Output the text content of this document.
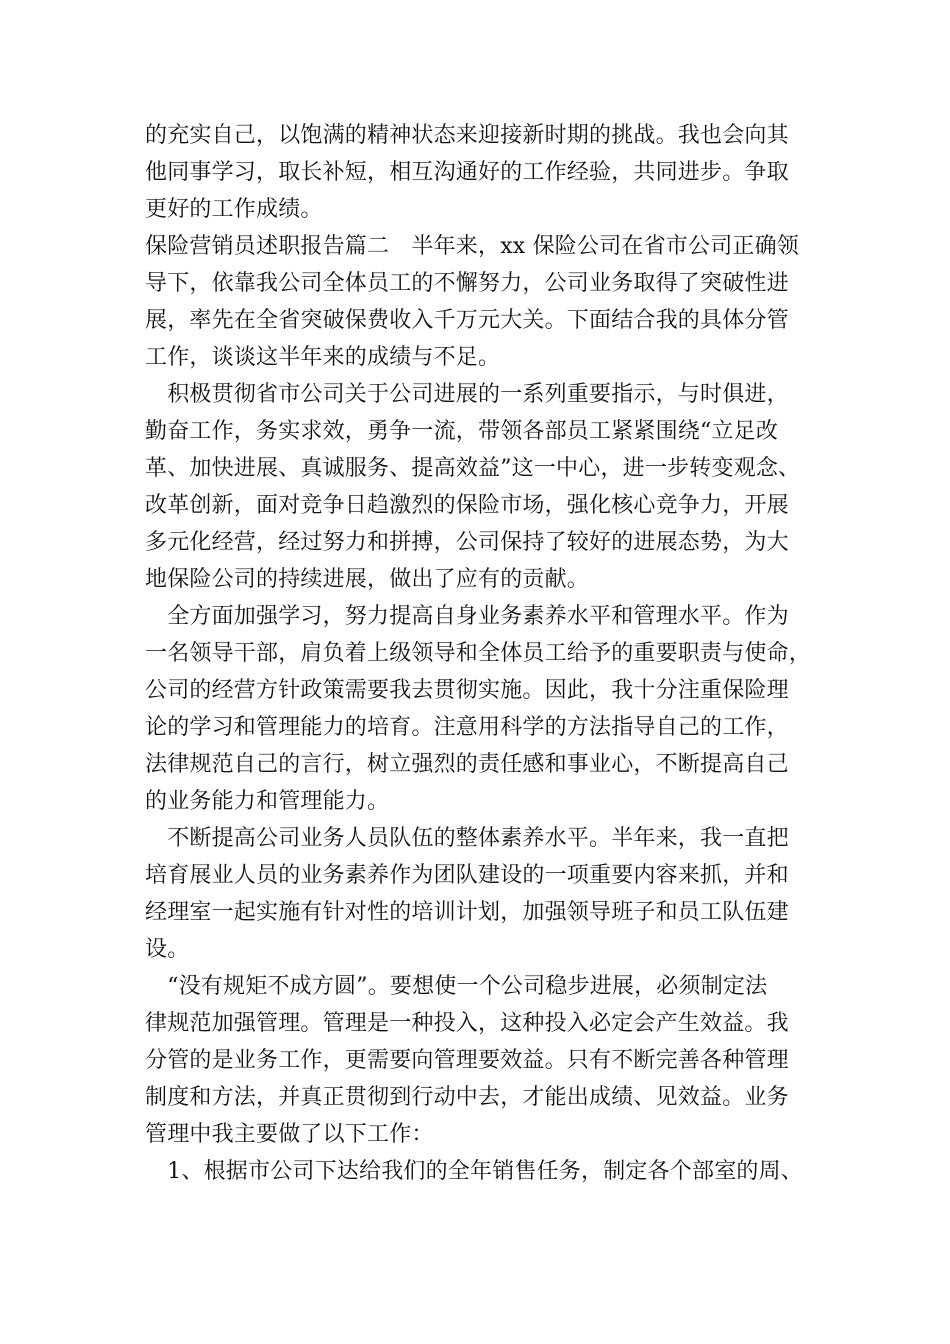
的充实自己，以饱满的精神状态来迎接新时期的挑战。我也会向其
他同事学习，取长补短，相互沟通好的工作经验，共同进步。争取
更好的工作成绩。
保险营销员述职报告篇二　半年来，xx 保险公司在省市公司正确领
导下，依靠我公司全体员工的不懈努力，公司业务取得了突破性进
展，率先在全省突破保费收入千万元大关。下面结合我的具体分管
工作，谈谈这半年来的成绩与不足。
　积极贯彻省市公司关于公司进展的一系列重要指示，与时俱进，
勤奋工作，务实求效，勇争一流，带领各部员工紧紧围绕“立足改
革、加快进展、真诚服务、提高效益”这一中心，进一步转变观念、
改革创新，面对竞争日趋激烈的保险市场，强化核心竞争力，开展
多元化经营，经过努力和拼搏，公司保持了较好的进展态势，为大
地保险公司的持续进展，做出了应有的贡献。
　全方面加强学习，努力提高自身业务素养水平和管理水平。作为
一名领导干部，肩负着上级领导和全体员工给予的重要职责与使命，
公司的经营方针政策需要我去贯彻实施。因此，我十分注重保险理
论的学习和管理能力的培育。注意用科学的方法指导自己的工作，
法律规范自己的言行，树立强烈的责任感和事业心，不断提高自己
的业务能力和管理能力。
　不断提高公司业务人员队伍的整体素养水平。半年来，我一直把
培育展业人员的业务素养作为团队建设的一项重要内容来抓，并和
经理室一起实施有针对性的培训计划，加强领导班子和员工队伍建
设。
　“没有规矩不成方圆”。要想使一个公司稳步进展，必须制定法
律规范加强管理。管理是一种投入，这种投入必定会产生效益。我
分管的是业务工作，更需要向管理要效益。只有不断完善各种管理
制度和方法，并真正贯彻到行动中去，才能出成绩、见效益。业务
管理中我主要做了以下工作：
　1、根据市公司下达给我们的全年销售任务，制定各个部室的周、
